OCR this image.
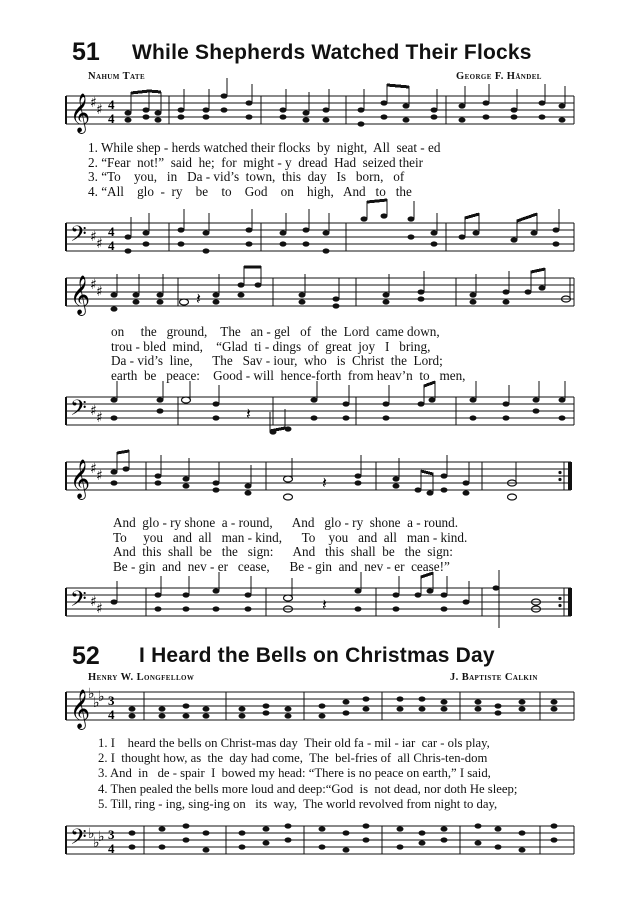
51 While Shepherds Watched Their Flocks
Nahum Tate	George F. Händel
𝄞 ♯ ♯ 4
4
1. While shep - herds watched their flocks  by  night,  All  seat - ed
2. “Fear  not!”  said  he;  for  might - y  dread  Had  seized their
3. “To    you,   in   Da - vid’s  town,  this  day   Is   born,   of
4. “All    glo  -  ry    be    to    God    on    high,   And   to   the
𝄢 ♯ ♯
4
4
𝄞 ♯ ♯	𝄽
on     the   ground,    The   an - gel   of   the  Lord  came down,
trou - bled  mind,    “Glad  ti - dings  of  great  joy   I   bring,
Da - vid’s  line,      The   Sav - iour,  who   is  Christ  the  Lord;
earth  be   peace:    Good - will  hence-forth  from heav’n  to   men,
𝄢 ♯ ♯	𝄽
𝄞 ♯ ♯	𝄽
And  glo - ry shone  a - round,      And   glo - ry  shone  a - round.
To     you   and  all   man - kind,      To    you   and  all   man - kind.
And  this  shall  be   the   sign:      And   this  shall  be   the  sign:
Be - gin  and  nev - er   cease,      Be - gin  and  nev - er  cease!”
𝄢 ♯ ♯	𝄽
52 I Heard the Bells on Christmas Day
Henry W. Longfellow	J. Baptiste Calkin
𝄞
♭
♭
♭ 3
4
1. I    heard the bells on Christ-mas day  Their old fa - mil - iar  car - ols play,
2. I  thought how, as  the  day had come,  The  bel-fries of  all Chris-ten-dom
3. And  in   de - spair  I  bowed my head: “There is no peace on earth,” I said,
4. Then pealed the bells more loud and deep:“God  is  not dead, nor doth He sleep;
5. Till, ring - ing, sing-ing on   its  way,  The world revolved from night to day,
𝄢 ♭
♭
♭ 3
4
